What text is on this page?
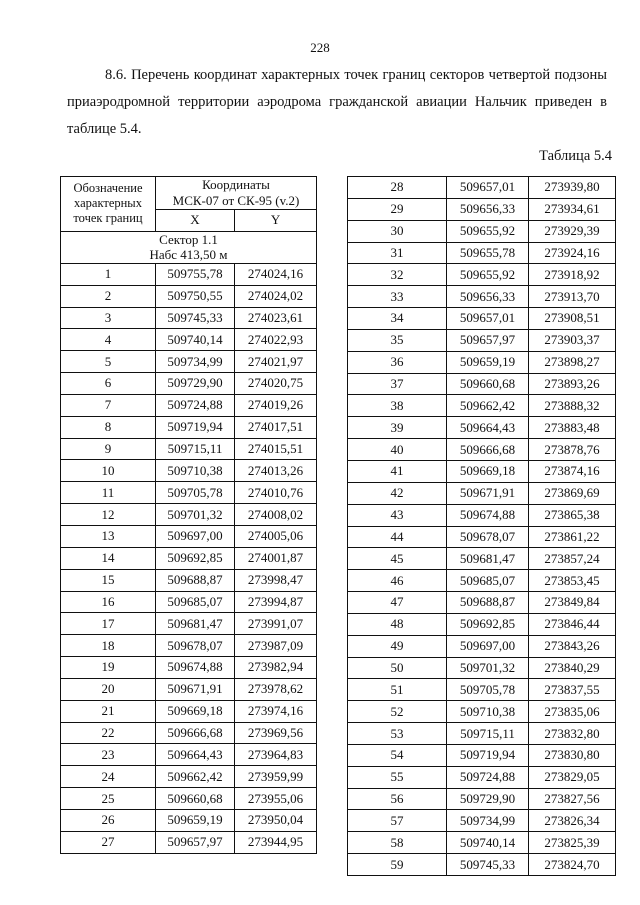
228
8.6. Перечень координат характерных точек границ секторов четвертой подзоны приаэродромной территории аэродрома гражданской авиации Нальчик приведен в таблице 5.4.
Таблица 5.4
Обозначение
характерных
точек границ	Координаты
МСК-07 от СК-95 (v.2)	
	X	Y
Сектор 1.1
Набс 413,50 м		
1	509755,78	274024,16
2	509750,55	274024,02
3	509745,33	274023,61
4	509740,14	274022,93
5	509734,99	274021,97
6	509729,90	274020,75
7	509724,88	274019,26
8	509719,94	274017,51
9	509715,11	274015,51
10	509710,38	274013,26
11	509705,78	274010,76
12	509701,32	274008,02
13	509697,00	274005,06
14	509692,85	274001,87
15	509688,87	273998,47
16	509685,07	273994,87
17	509681,47	273991,07
18	509678,07	273987,09
19	509674,88	273982,94
20	509671,91	273978,62
21	509669,18	273974,16
22	509666,68	273969,56
23	509664,43	273964,83
24	509662,42	273959,99
25	509660,68	273955,06
26	509659,19	273950,04
27	509657,97	273944,95
28	509657,01	273939,80
29	509656,33	273934,61
30	509655,92	273929,39
31	509655,78	273924,16
32	509655,92	273918,92
33	509656,33	273913,70
34	509657,01	273908,51
35	509657,97	273903,37
36	509659,19	273898,27
37	509660,68	273893,26
38	509662,42	273888,32
39	509664,43	273883,48
40	509666,68	273878,76
41	509669,18	273874,16
42	509671,91	273869,69
43	509674,88	273865,38
44	509678,07	273861,22
45	509681,47	273857,24
46	509685,07	273853,45
47	509688,87	273849,84
48	509692,85	273846,44
49	509697,00	273843,26
50	509701,32	273840,29
51	509705,78	273837,55
52	509710,38	273835,06
53	509715,11	273832,80
54	509719,94	273830,80
55	509724,88	273829,05
56	509729,90	273827,56
57	509734,99	273826,34
58	509740,14	273825,39
59	509745,33	273824,70
